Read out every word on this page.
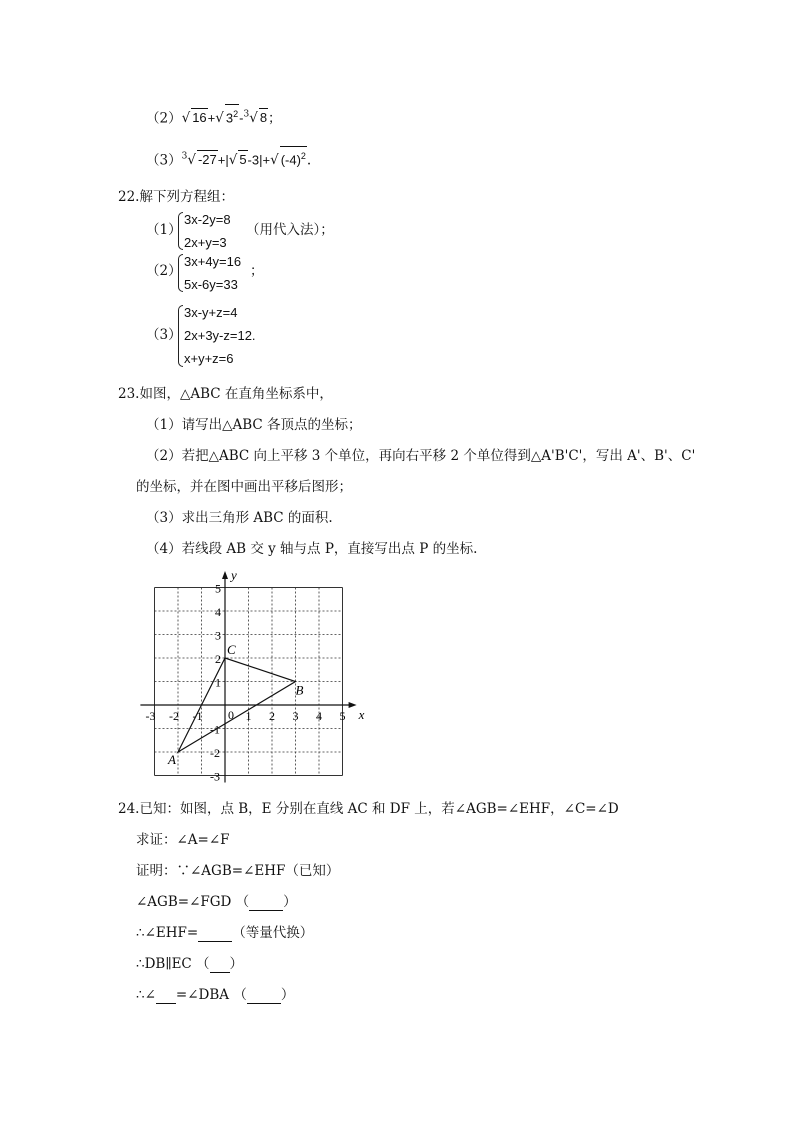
（2）√ 16+√ $3^2-^3√$ 8；
$(3)^3√$ -27+|√ 5-3|+√ $(-4)^2$.
22.解下列方程组：
（1）
3x-2y=8
2x+y=3
（用代入法）；
（2）
3x+4y=16
5x-6y=33
；
（3）
3x-y+z=4
2x+3y-z=12.
x+y+z=6
23.如图，△ABC 在直角坐标系中，
（1）请写出△ABC 各顶点的坐标；
（2）若把△ABC 向上平移 3 个单位，再向右平移 2 个单位得到△A'B'C'，写出 A'、B'、C'
的坐标，并在图中画出平移后图形；
（3）求出三角形 ABC 的面积.
（4）若线段 AB 交 y 轴与点 P，直接写出点 P 的坐标.
x
y
0
-3 -2 -1	1 2 3 4 5
5
4
3
2
1
-1
-2
-3
A
B
C
24.已知：如图，点 B，E 分别在直线 AC 和 DF 上，若∠AGB=∠EHF，∠C=∠D
求证：∠A=∠F
证明：∵∠AGB=∠EHF（已知）
∠AGB=∠FGD （	）
∴∠EHF=	（等量代换）
∴DB∥EC （ ）
∴∠ =∠DBA （	）
